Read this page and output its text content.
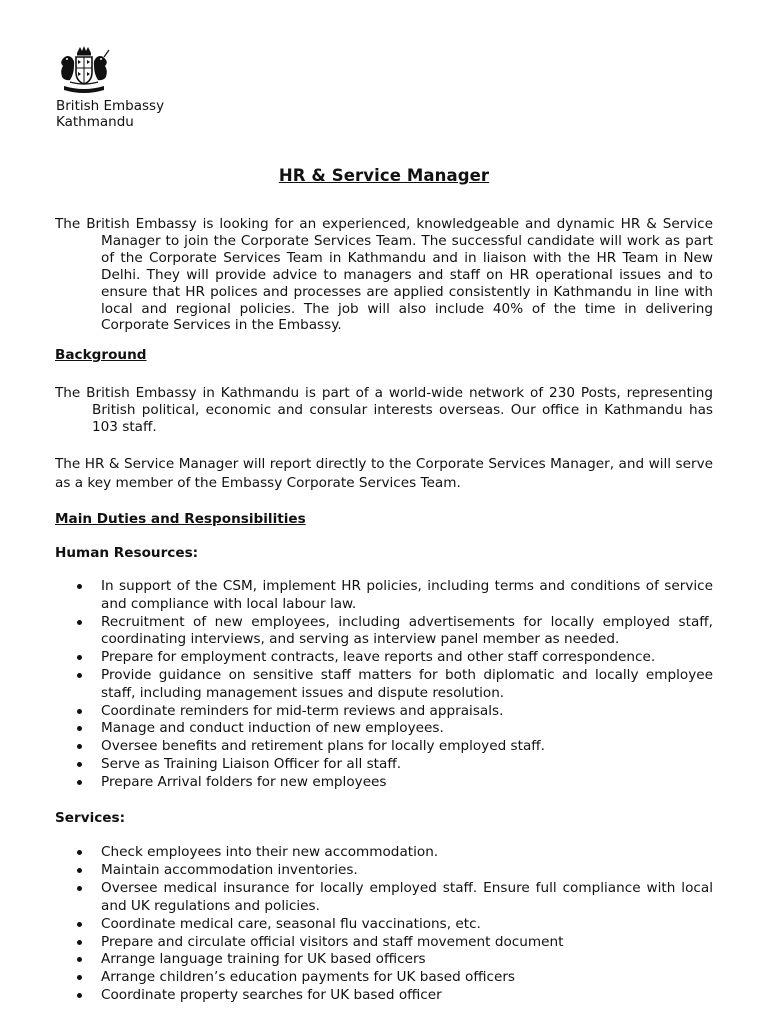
British Embassy
Kathmandu
HR & Service Manager

The British Embassy is looking for an experienced, knowledgeable and dynamic HR & Service Manager to join the Corporate Services Team. The successful candidate will work as part of the Corporate Services Team in Kathmandu and in liaison with the HR Team in New Delhi. They will provide advice to managers and staff on HR operational issues and to ensure that HR polices and processes are applied consistently in Kathmandu in line with local and regional policies. The job will also include 40% of the time in delivering Corporate Services in the Embassy.

Background

The British Embassy in Kathmandu is part of a world-wide network of 230 Posts, representing British political, economic and consular interests overseas. Our office in Kathmandu has 103 staff.

The HR & Service Manager will report directly to the Corporate Services Manager, and will serve as a key member of the Embassy Corporate Services Team.

Main Duties and Responsibilities

Human Resources:

In support of the CSM, implement HR policies, including terms and conditions of service and compliance with local labour law.
Recruitment of new employees, including advertisements for locally employed staff, coordinating interviews, and serving as interview panel member as needed.
Prepare for employment contracts, leave reports and other staff correspondence.
Provide guidance on sensitive staff matters for both diplomatic and locally employee staff, including management issues and dispute resolution.
Coordinate reminders for mid-term reviews and appraisals.
Manage and conduct induction of new employees.
Oversee benefits and retirement plans for locally employed staff.
Serve as Training Liaison Officer for all staff.
Prepare Arrival folders for new employees

Services:

Check employees into their new accommodation.
Maintain accommodation inventories.
Oversee medical insurance for locally employed staff. Ensure full compliance with local and UK regulations and policies.
Coordinate medical care, seasonal flu vaccinations, etc.
Prepare and circulate official visitors and staff movement document
Arrange language training for UK based officers
Arrange children’s education payments for UK based officers
Coordinate property searches for UK based officer
